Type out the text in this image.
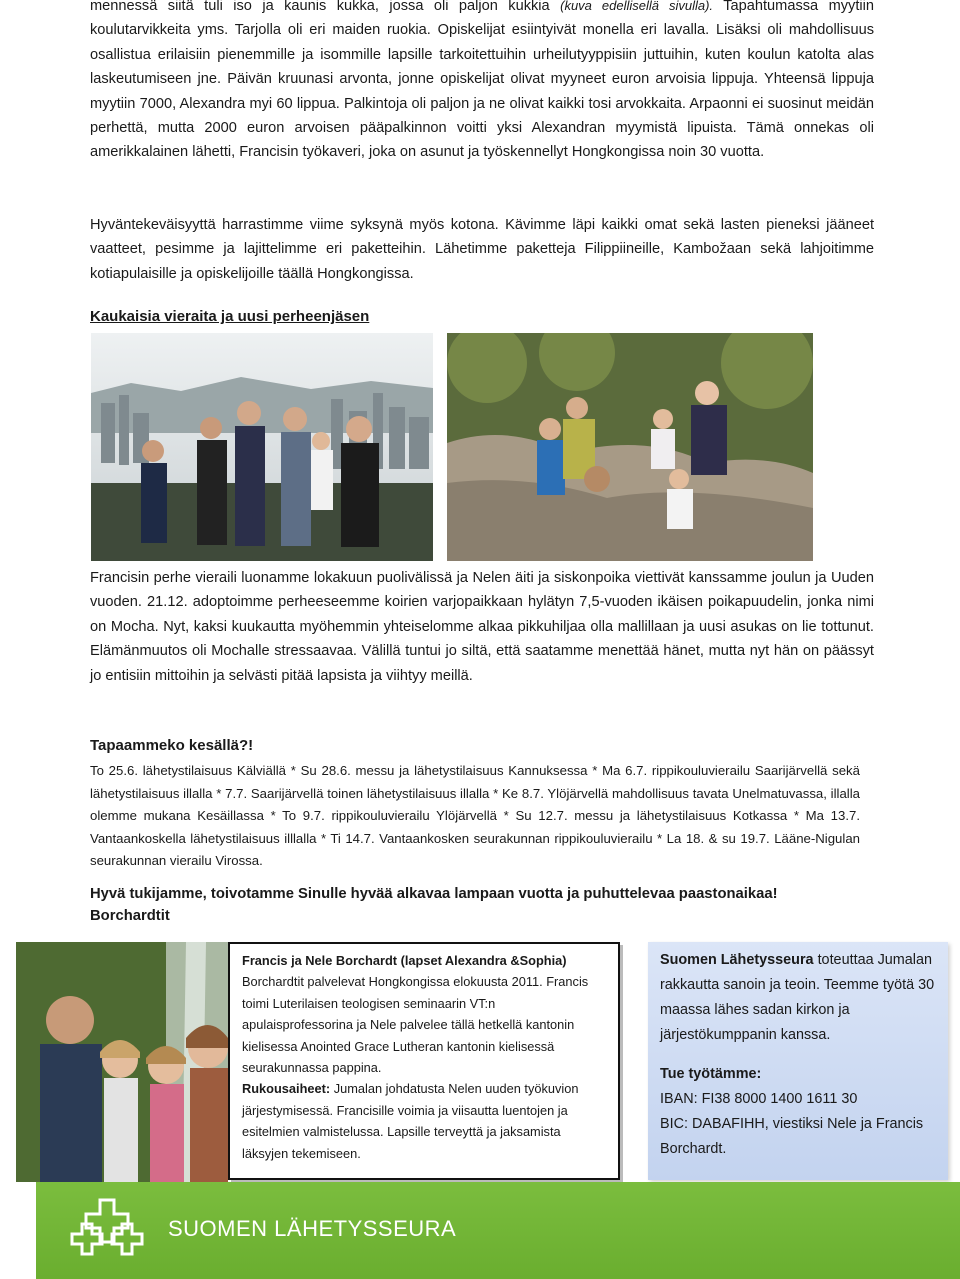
mennessä siitä tuli iso ja kaunis kukka, jossa oli paljon kukkia (kuva edellisellä sivulla). Tapahtumassa myytiin koulutarvikkeita yms. Tarjolla oli eri maiden ruokia. Opiskelijat esiintyivät monella eri lavalla. Lisäksi oli mahdollisuus osallistua erilaisiin pienemmille ja isommille lapsille tarkoitettuihin urheilutyyppisiin juttuihin, kuten koulun katolta alas laskeutumiseen jne. Päivän kruunasi arvonta, jonne opiskelijat olivat myyneet euron arvoisia lippuja. Yhteensä lippuja myytiin 7000, Alexandra myi 60 lippua. Palkintoja oli paljon ja ne olivat kaikki tosi arvokkaita. Arpaonni ei suosinut meidän perhettä, mutta 2000 euron arvoisen pääpalkinnon voitti yksi Alexandran myymistä lipuista. Tämä onnekas oli amerikkalainen lähetti, Francisin työkaveri, joka on asunut ja työskennellyt Hongkongissa noin 30 vuotta.

Hyväntekeväisyyttä harrastimme viime syksynä myös kotona. Kävimme läpi kaikki omat sekä lasten pieneksi jääneet vaatteet, pesimme ja lajittelimme eri paketteihin. Lähetimme paketteja Filippiineille, Kambožaan sekä lahjoitimme kotiapulaisille ja opiskelijoille täällä Hongkongissa.

Kaukaisia vieraita ja uusi perheenjäsen

Francisin perhe vieraili luonamme lokakuun puolivälissä ja Nelen äiti ja siskonpoika viettivät kanssamme joulun ja Uuden vuoden. 21.12. adoptoimme perheeseemme koirien varjopaikkaan hylätyn 7,5-vuoden ikäisen poikapuudelin, jonka nimi on Mocha. Nyt, kaksi kuukautta myöhemmin yhteiselomme alkaa pikkuhiljaa olla mallillaan ja uusi asukas on lie tottunut. Elämänmuutos oli Mochalle stressaavaa. Välillä tuntui jo siltä, että saatamme menettää hänet, mutta nyt hän on päässyt jo entisiin mittoihin ja selvästi pitää lapsista ja viihtyy meillä.

Tapaammeko kesällä?!

To 25.6. lähetystilaisuus Kälviällä * Su 28.6. messu ja lähetystilaisuus Kannuksessa * Ma 6.7. rippikouluvierailu Saarijärvellä sekä lähetystilaisuus illalla * 7.7. Saarijärvellä toinen lähetystilaisuus illalla * Ke 8.7. Ylöjärvellä mahdollisuus tavata Unelmatuvassa, illalla olemme mukana Kesäillassa * To 9.7. rippikouluvierailu Ylöjärvellä * Su 12.7. messu ja lähetystilaisuus Kotkassa * Ma 13.7. Vantaankoskella lähetystilaisuus illlalla * Ti 14.7. Vantaankosken seurakunnan rippikouluvierailu * La 18. & su 19.7. Lääne-Nigulan seurakunnan vierailu Virossa.

Hyvä tukijamme, toivotamme Sinulle hyvää alkavaa lampaan vuotta ja puhuttelevaa paastonaikaa!

Borchardtit

Francis ja Nele Borchardt (lapset Alexandra &Sophia)

Borchardtit palvelevat Hongkongissa elokuusta 2011. Francis toimi Luterilaisen teologisen seminaarin VT:n apulaisprofessorina ja Nele palvelee tällä hetkellä kantonin kielisessa Anointed Grace Lutheran kantonin kielisessä seurakunnassa pappina.

Rukousaiheet: Jumalan johdatusta Nelen uuden työkuvion järjestymisessä. Francisille voimia ja viisautta luentojen ja esitelmien valmistelussa. Lapsille terveyttä ja jaksamista läksyjen tekemiseen.

Suomen Lähetysseura toteuttaa Jumalan rakkautta sanoin ja teoin. Teemme työtä 30 maassa lähes sadan kirkon ja järjestökumppanin kanssa.

Tue työtämme:

IBAN: FI38 8000 1400 1611 30

BIC: DABAFIHH, viestiksi Nele ja Francis Borchardt.

SUOMEN LÄHETYSSEURA
